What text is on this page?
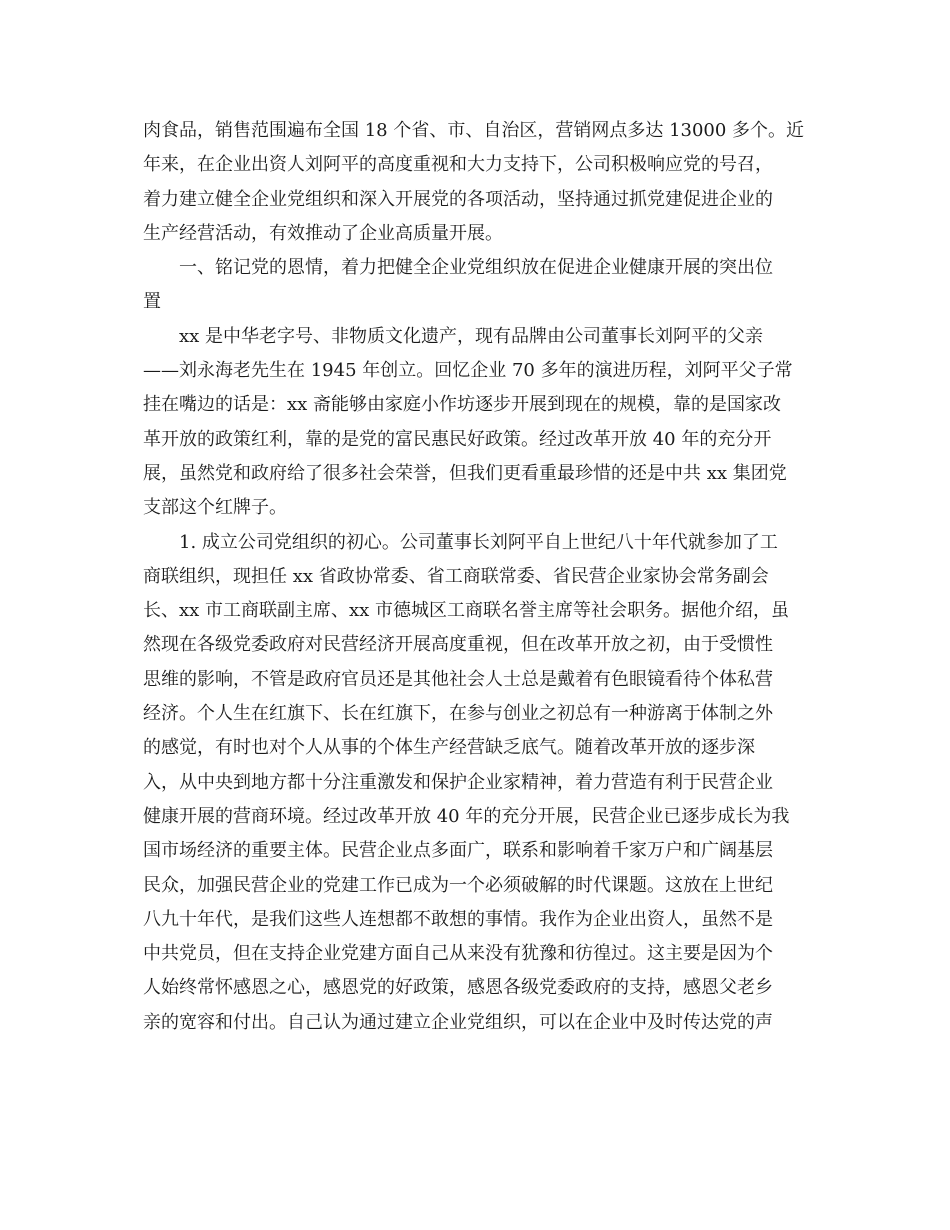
肉食品，销售范围遍布全国 18 个省、市、自治区，营销网点多达 13000 多个。近
年来，在企业出资人刘阿平的高度重视和大力支持下，公司积极响应党的号召，
着力建立健全企业党组织和深入开展党的各项活动，坚持通过抓党建促进企业的
生产经营活动，有效推动了企业高质量开展。
一、铭记党的恩情，着力把健全企业党组织放在促进企业健康开展的突出位
置
xx 是中华老字号、非物质文化遗产，现有品牌由公司董事长刘阿平的父亲
——刘永海老先生在 1945 年创立。回忆企业 70 多年的演进历程，刘阿平父子常
挂在嘴边的话是：xx 斋能够由家庭小作坊逐步开展到现在的规模，靠的是国家改
革开放的政策红利，靠的是党的富民惠民好政策。经过改革开放 40 年的充分开
展，虽然党和政府给了很多社会荣誉，但我们更看重最珍惜的还是中共 xx 集团党
支部这个红牌子。
1. 成立公司党组织的初心。公司董事长刘阿平自上世纪八十年代就参加了工
商联组织，现担任 xx 省政协常委、省工商联常委、省民营企业家协会常务副会
长、xx 市工商联副主席、xx 市德城区工商联名誉主席等社会职务。据他介绍，虽
然现在各级党委政府对民营经济开展高度重视，但在改革开放之初，由于受惯性
思维的影响，不管是政府官员还是其他社会人士总是戴着有色眼镜看待个体私营
经济。个人生在红旗下、长在红旗下，在参与创业之初总有一种游离于体制之外
的感觉，有时也对个人从事的个体生产经营缺乏底气。随着改革开放的逐步深
入，从中央到地方都十分注重激发和保护企业家精神，着力营造有利于民营企业
健康开展的营商环境。经过改革开放 40 年的充分开展，民营企业已逐步成长为我
国市场经济的重要主体。民营企业点多面广，联系和影响着千家万户和广阔基层
民众，加强民营企业的党建工作已成为一个必须破解的时代课题。这放在上世纪
八九十年代，是我们这些人连想都不敢想的事情。我作为企业出资人，虽然不是
中共党员，但在支持企业党建方面自己从来没有犹豫和彷徨过。这主要是因为个
人始终常怀感恩之心，感恩党的好政策，感恩各级党委政府的支持，感恩父老乡
亲的宽容和付出。自己认为通过建立企业党组织，可以在企业中及时传达党的声
